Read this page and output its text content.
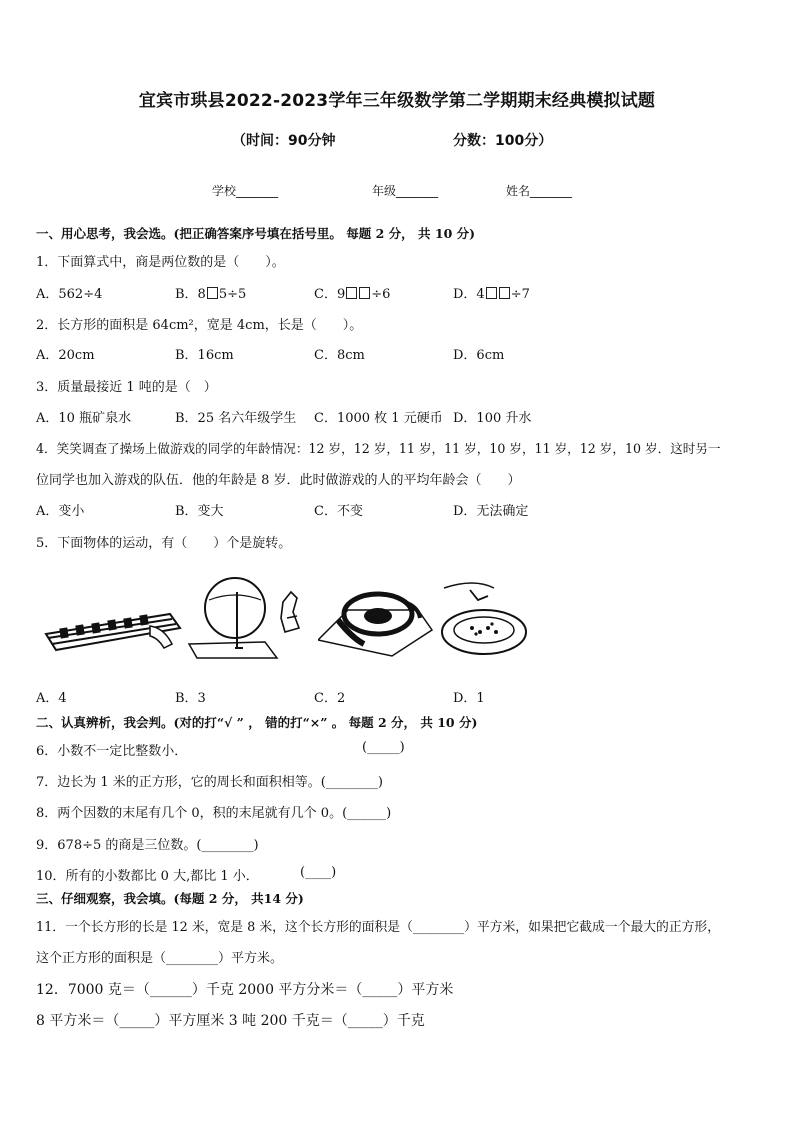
宜宾市珙县2022-2023学年三年级数学第二学期期末经典模拟试题
（时间：90分钟	分数：100分）
学校_______	年级_______	姓名_______
一、用心思考，我会选。(把正确答案序号填在括号里。 每题 2 分， 共 10 分)
1．下面算式中，商是两位数的是（　　）。
A．562÷4	B．8 5÷5	C．9 ÷6	D．4 ÷7
2．长方形的面积是 64cm²，宽是 4cm，长是（　　）。
A．20cm	B．16cm	C．8cm	D．6cm
3．质量最接近 1 吨的是（　）
A．10 瓶矿泉水	B．25 名六年级学生 C．1000 枚 1 元硬币 D．100 升水
4．笑笑调查了操场上做游戏的同学的年龄情况：12 岁，12 岁，11 岁，11 岁，10 岁，11 岁，12 岁，10 岁．这时另一
位同学也加入游戏的队伍．他的年龄是 8 岁．此时做游戏的人的平均年龄会（　　）
A．变小	B．变大	C．不变	D．无法确定
5．下面物体的运动，有（　　）个是旋转。
A．4	B．3	C．2	D．1
二、认真辨析，我会判。(对的打“√ ” ， 错的打“×” 。 每题 2 分， 共 10 分)
6．小数不一定比整数小．	(_____)
7．边长为 1 米的正方形，它的周长和面积相等。(________)
8．两个因数的末尾有几个 0，积的末尾就有几个 0。(______)
9．678÷5 的商是三位数。(________)
10．所有的小数都比 0 大,都比 1 小．	(____)
三、仔细观察，我会填。(每题 2 分， 共14 分)
11．一个长方形的长是 12 米，宽是 8 米，这个长方形的面积是（________）平方米，如果把它截成一个最大的正方形，
这个正方形的面积是（________）平方米。
12．7000 克＝（______）千克 2000 平方分米＝（_____）平方米
8 平方米＝（_____）平方厘米 3 吨 200 千克＝（_____）千克
